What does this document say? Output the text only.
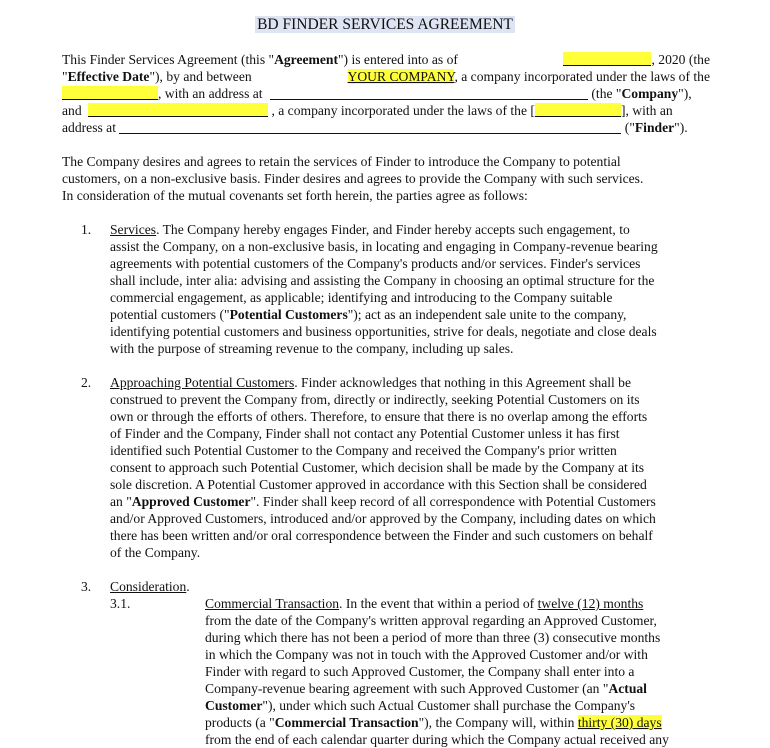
BD FINDER SERVICES AGREEMENT
This Finder Services Agreement (this "Agreement") is entered into as of	, 2020 (the
"Effective Date"), by and between	YOUR COMPANY, a company incorporated under the laws of the
, with an address at	(the "Company"),
and	, a company incorporated under the laws of the [	], with an
address at	("Finder").
The Company desires and agrees to retain the services of Finder to introduce the Company to potential
customers, on a non-exclusive basis. Finder desires and agrees to provide the Company with such services.
In consideration of the mutual covenants set forth herein, the parties agree as follows:
1. Services. The Company hereby engages Finder, and Finder hereby accepts such engagement, to
assist the Company, on a non-exclusive basis, in locating and engaging in Company-revenue bearing
agreements with potential customers of the Company's products and/or services. Finder's services
shall include, inter alia: advising and assisting the Company in choosing an optimal structure for the
commercial engagement, as applicable; identifying and introducing to the Company suitable
potential customers ("Potential Customers"); act as an independent sale unite to the company,
identifying potential customers and business opportunities, strive for deals, negotiate and close deals
with the purpose of streaming revenue to the company, including up sales.
2. Approaching Potential Customers. Finder acknowledges that nothing in this Agreement shall be
construed to prevent the Company from, directly or indirectly, seeking Potential Customers on its
own or through the efforts of others. Therefore, to ensure that there is no overlap among the efforts
of Finder and the Company, Finder shall not contact any Potential Customer unless it has first
identified such Potential Customer to the Company and received the Company's prior written
consent to approach such Potential Customer, which decision shall be made by the Company at its
sole discretion. A Potential Customer approved in accordance with this Section shall be considered
an "Approved Customer". Finder shall keep record of all correspondence with Potential Customers
and/or Approved Customers, introduced and/or approved by the Company, including dates on which
there has been written and/or oral correspondence between the Finder and such customers on behalf
of the Company.
3. Consideration.
3.1.	Commercial Transaction. In the event that within a period of twelve (12) months
from the date of the Company's written approval regarding an Approved Customer,
during which there has not been a period of more than three (3) consecutive months
in which the Company was not in touch with the Approved Customer and/or with
Finder with regard to such Approved Customer, the Company shall enter into a
Company-revenue bearing agreement with such Approved Customer (an "Actual
Customer"), under which such Actual Customer shall purchase the Company's
products (a "Commercial Transaction"), the Company will, within thirty (30) days
from the end of each calendar quarter during which the Company actual received any
